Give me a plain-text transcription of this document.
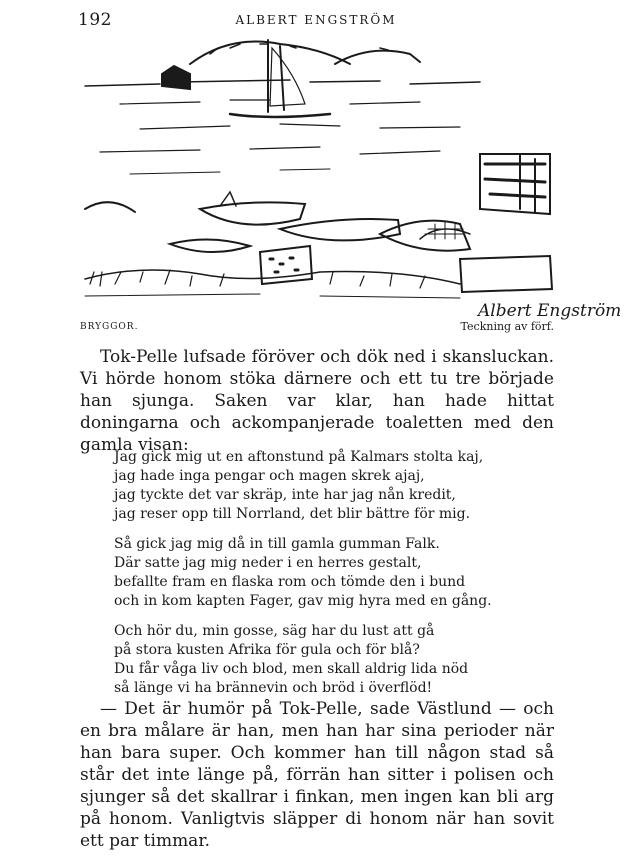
192	ALBERT ENGSTRÖM
Albert Engström
BRYGGOR.	Teckning av förf.

Tok-Pelle lufsade föröver och dök ned i skansluckan. Vi hörde honom stöka därnere och ett tu tre började han sjunga. Saken var klar, han hade hittat doningarna och ackompanjerade toaletten med den gamla visan:

Jag gick mig ut en aftonstund på Kalmars stolta kaj,
jag hade inga pengar och magen skrek ajaj,
jag tyckte det var skräp, inte har jag nån kredit,
jag reser opp till Norrland, det blir bättre för mig.
Så gick jag mig då in till gamla gumman Falk.
Där satte jag mig neder i en herres gestalt,
befallte fram en flaska rom och tömde den i bund
och in kom kapten Fager, gav mig hyra med en gång.
Och hör du, min gosse, säg har du lust att gå
på stora kusten Afrika för gula och för blå?
Du får våga liv och blod, men skall aldrig lida nöd
så länge vi ha brännevin och bröd i överflöd!

— Det är humör på Tok-Pelle, sade Västlund — och en bra målare är han, men han har sina perioder när han bara super. Och kommer han till någon stad så står det inte länge på, förrän han sitter i polisen och sjunger så det skallrar i finkan, men ingen kan bli arg på honom. Vanligtvis släpper di honom när han sovit ett par timmar.
